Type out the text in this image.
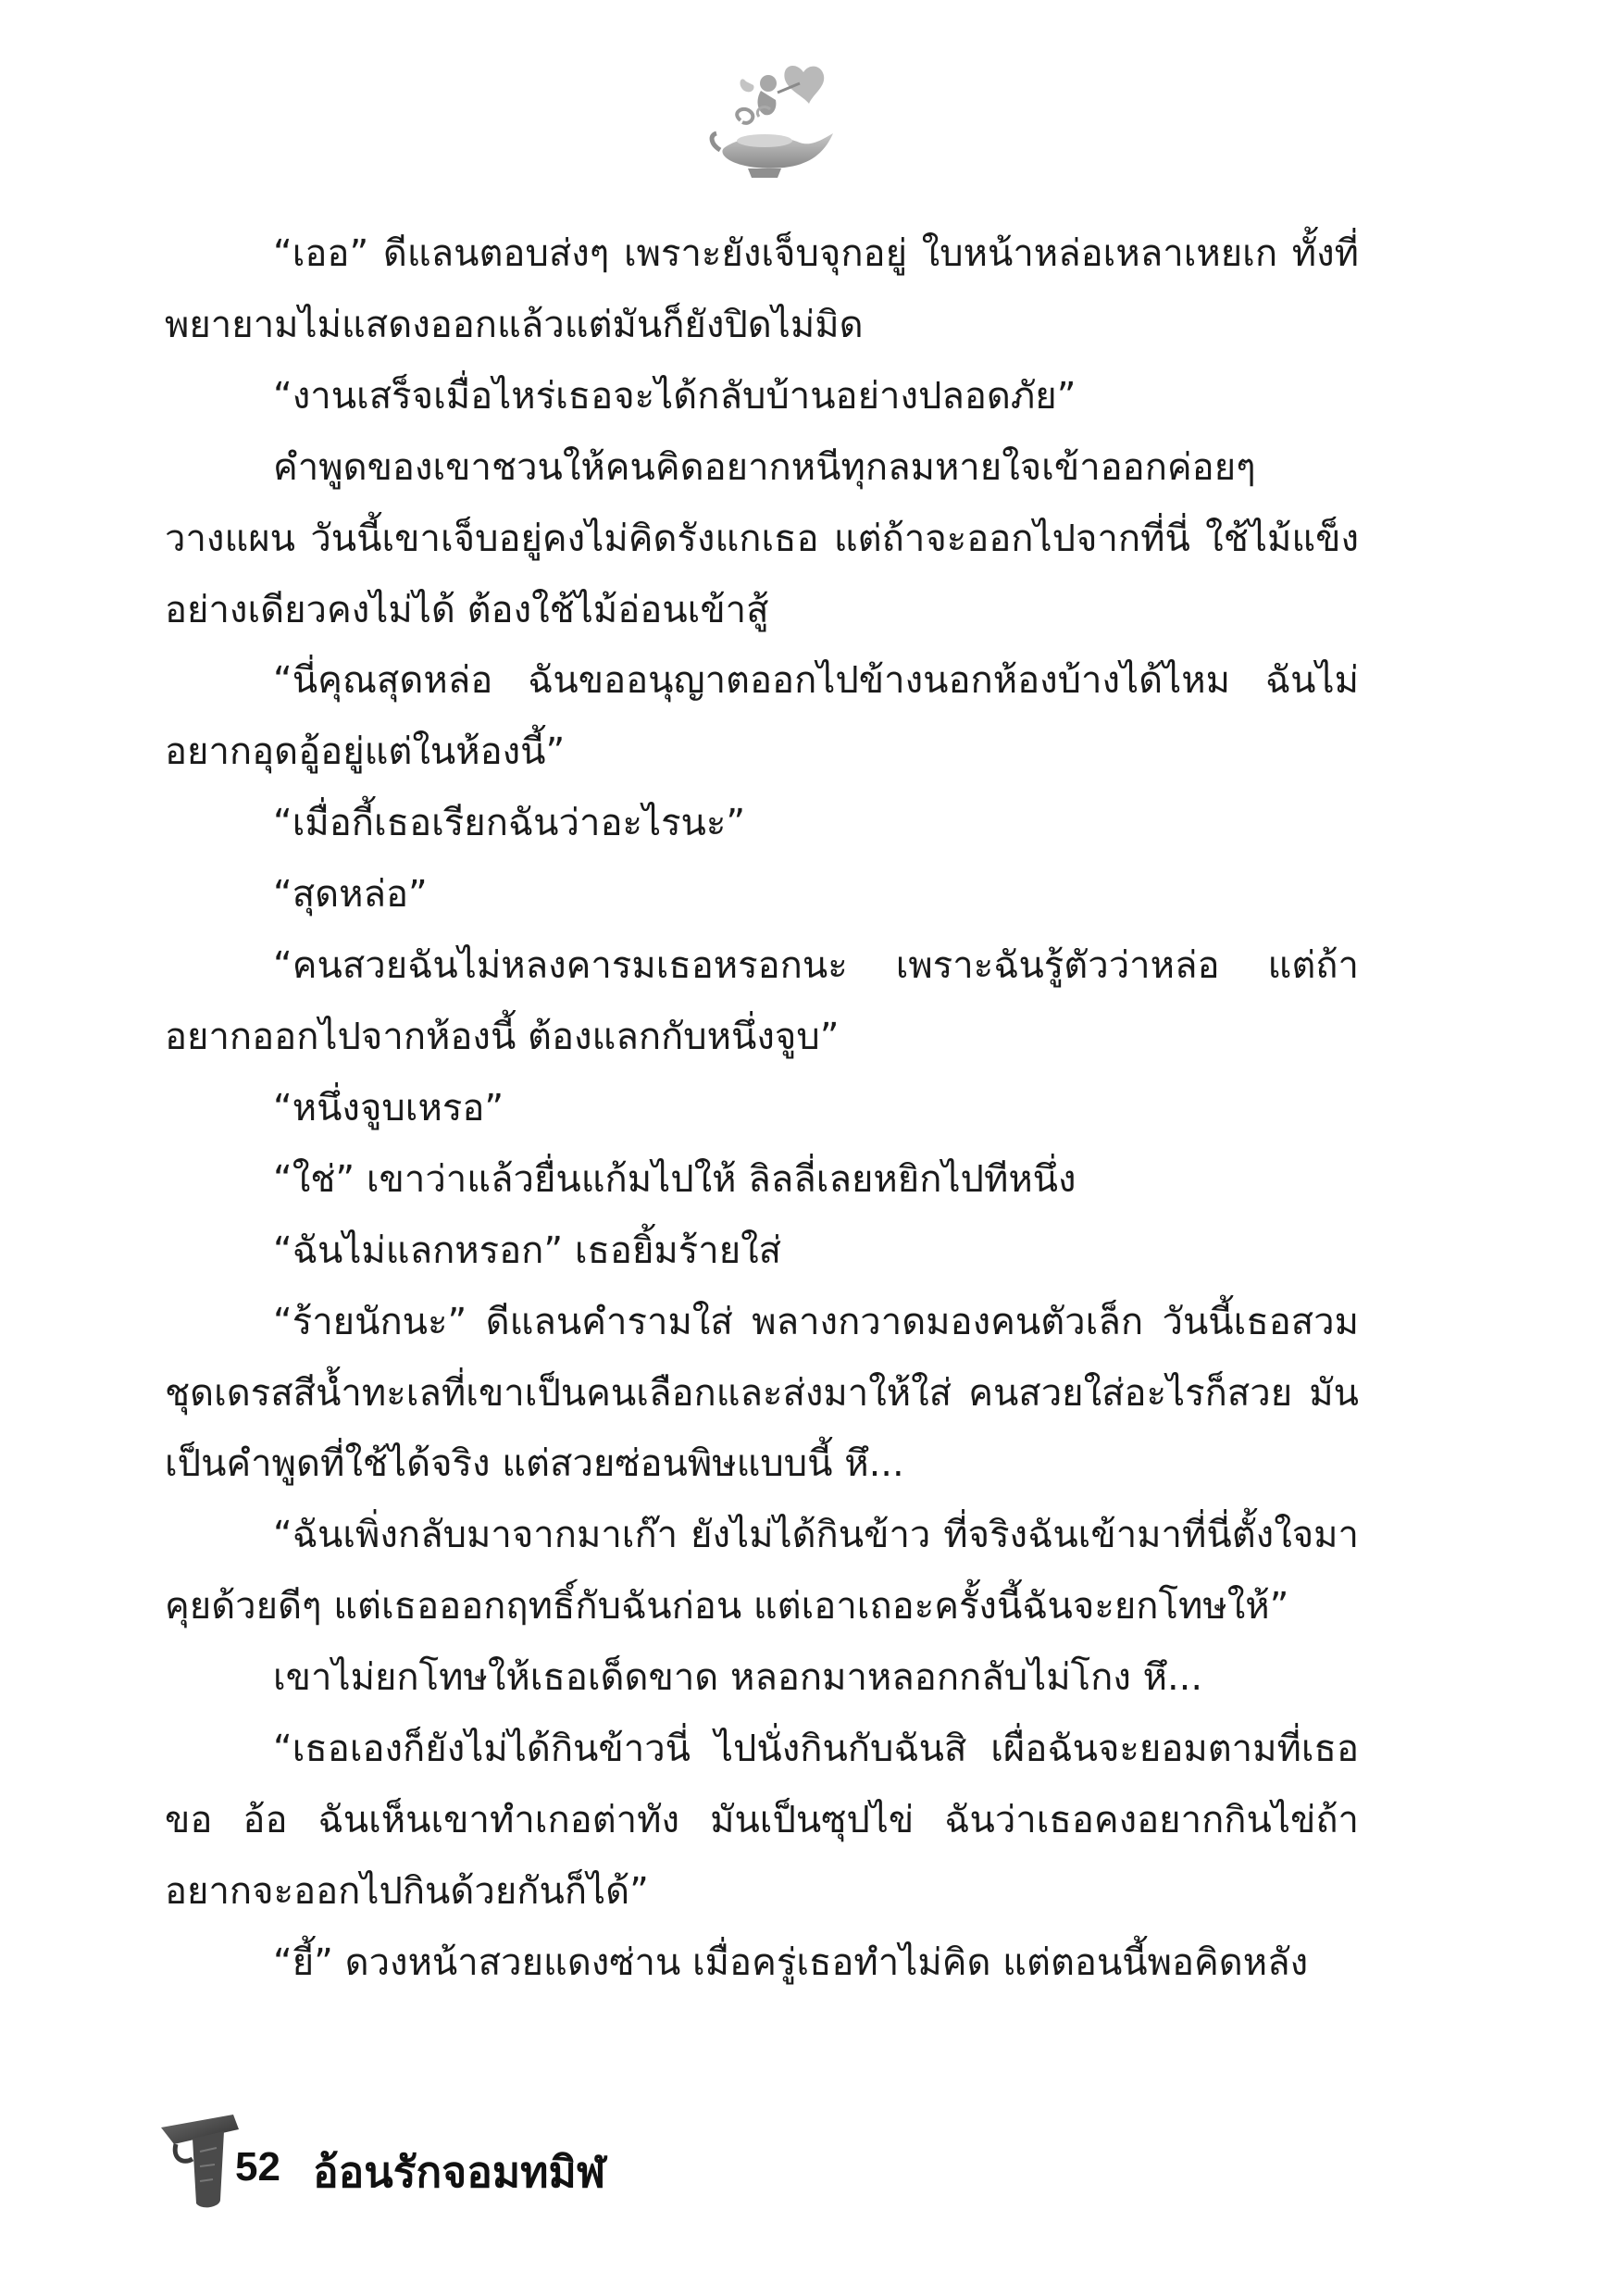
“เออ” ดีแลนตอบส่งๆ เพราะยังเจ็บจุกอยู่ ใบหน้าหล่อเหลาเหยเก ทั้งที่พยายามไม่แสดงออกแล้วแต่มันก็ยังปิดไม่มิด

“งานเสร็จเมื่อไหร่เธอจะได้กลับบ้านอย่างปลอดภัย”

คำพูดของเขาชวนให้คนคิดอยากหนีทุกลมหายใจเข้าออกค่อยๆ วางแผน วันนี้เขาเจ็บอยู่คงไม่คิดรังแกเธอ แต่ถ้าจะออกไปจากที่นี่ ใช้ไม้แข็งอย่างเดียวคงไม่ได้ ต้องใช้ไม้อ่อนเข้าสู้

“นี่คุณสุดหล่อ ฉันขออนุญาตออกไปข้างนอกห้องบ้างได้ไหม ฉันไม่อยากอุดอู้อยู่แต่ในห้องนี้”

“เมื่อกี้เธอเรียกฉันว่าอะไรนะ”

“สุดหล่อ”

“คนสวยฉันไม่หลงคารมเธอหรอกนะ เพราะฉันรู้ตัวว่าหล่อ แต่ถ้าอยากออกไปจากห้องนี้ ต้องแลกกับหนึ่งจูบ”

“หนึ่งจูบเหรอ”

“ใช่” เขาว่าแล้วยื่นแก้มไปให้ ลิลลี่เลยหยิกไปทีหนึ่ง

“ฉันไม่แลกหรอก” เธอยิ้มร้ายใส่

“ร้ายนักนะ” ดีแลนคำรามใส่ พลางกวาดมองคนตัวเล็ก วันนี้เธอสวมชุดเดรสสีน้ำทะเลที่เขาเป็นคนเลือกและส่งมาให้ใส่ คนสวยใส่อะไรก็สวย มันเป็นคำพูดที่ใช้ได้จริง แต่สวยซ่อนพิษแบบนี้ หึ...

“ฉันเพิ่งกลับมาจากมาเก๊า ยังไม่ได้กินข้าว ที่จริงฉันเข้ามาที่นี่ตั้งใจมาคุยด้วยดีๆ แต่เธอออกฤทธิ์กับฉันก่อน แต่เอาเถอะครั้งนี้ฉันจะยกโทษให้”

เขาไม่ยกโทษให้เธอเด็ดขาด หลอกมาหลอกกลับไม่โกง หึ...

“เธอเองก็ยังไม่ได้กินข้าวนี่ ไปนั่งกินกับฉันสิ เผื่อฉันจะยอมตามที่เธอขอ อ้อ ฉันเห็นเขาทำเกอต่าทัง มันเป็นซุปไข่ ฉันว่าเธอคงอยากกินไข่ถ้าอยากจะออกไปกินด้วยกันก็ได้”

“ยี้” ดวงหน้าสวยแดงซ่าน เมื่อครู่เธอทำไม่คิด แต่ตอนนี้พอคิดหลัง

52 อ้อนรักจอมทมิฬ
